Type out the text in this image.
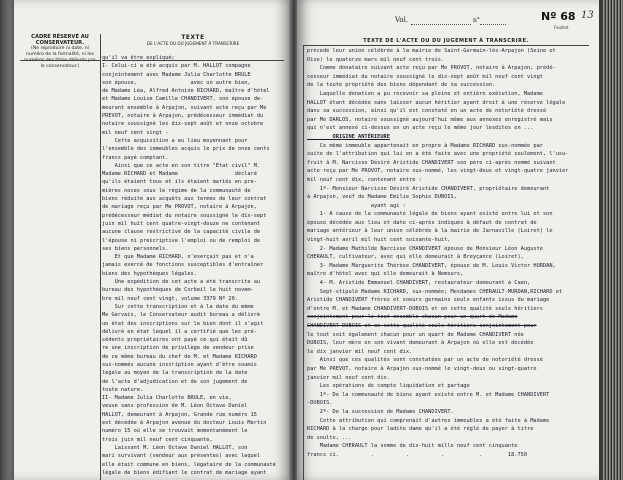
CADRE RÉSERVÉ AU CONSERVATEUR.
(Ne reproduire ni date, ni numéro de la formalité, ni les numéros des titres délivrés par le conservateur.)
TEXTE
DE L'ACTE OU DU JUGEMENT À TRANSCRIRE
qu'il va être expliqué;
I- Celui-ci a été acquis par M. HALLOT compagne
conjointement avec Madame Julia Charlotte BRULE
son épouse,                 avec un autre bien,
de Madame Léa, Alfred Antoine RICHARD, maître d'hôtel
et Madame Louise Camille CHANDIVERT, son épouse de-
meurant ensemble à Arpajon, suivant acte reçu par Me
PREVOT, notaire à Arpajon, prédécesseur immédiat du
notaire soussigné les dix-sept août et onze octobre
mil neuf cent vingt -
Cette acquisition a eu lieu moyennant pour
l'ensemble des immeubles acquis le prix de onze cents
francs payé comptant.
Ainsi que ce acte en son titre "Etat civil" M.
Madame RICHARD et Madame                  déclaré
qu'ils étaient tous et ils étaient mariés en pre-
mières noces sous le régime de la communauté de
biens réduite aux acquêts aux termes de leur contrat
de mariage reçu par Me PROVOT, notaire à Arpajon,
prédécesseur médiat du notaire soussigné le dix-sept
juin mil huit cent quatre-vingt-douze ne contenant
aucune clause restrictive de la capacité civile de
l'épouse ni prescriptive l'emploi ou de remploi de
ses biens personnels.
Et que Madame RICHARD, n'exerçait pas et n'a
jamais exercé de fonctions susceptibles d'entraîner
biens des hypothèques légales.
Une expédition de cet acte a été transcrite au
bureau des hypothèques de Corbeil le huit novem-
bre mil neuf cent vingt, volume 3379 Nº 20.
Sur cette transcription et à la date du même
Me Gervais, le Conservateur audit bureau a délivré
un état des inscriptions sur le bien dont il s'agit
délivré en état lequel il a certifié que les pré-
cédents propriétaires ont payé ce qui était dû
re une inscription de privilège de vendeur prise
de ce même bureau du chef de M. et Madame RICHARD
sus-nommés aucune inscription ayant d'être soumis
légale au moyen de la transcription de la date
de l'acte d'adjudication et de son jugement de
toute nature.
II- Madame Julia Charlotte BRULE, en vie,
veuve sans profession de M. Léon Octave Daniel
HALLOT, demeurant à Arpajon, Grande rue numéro 15
est décédée à Arpajon avenue du docteur Louis Martin
numéro 15 où elle se trouvait momentanément le
trois juin mil neuf cent cinquante,
Laissant M. Léon Octave Daniel HALLOT, son
mari survivant (vendeur aux présentes) avec lequel
elle était commune en biens, légataire de la communauté
légale de biens édifiant le contrat de mariage ayant
Vol.	n°	Nº 68 13
Feuillet
TEXTE DE L'ACTE OU DU JUGEMENT À TRANSCRIRE.
précédé leur union célébrée à la mairie de Saint-Germain-lès-Arpajon (Seine et
Oise) le quatorze mars mil neuf cent trois.
Comme donataire suivant acte reçu par Me PROVOT, notaire à Arpajon, prédé-
cesseur immédiat du notaire soussigné le dix-sept août mil neuf cent vingt
de la toute propriété des biens dépendant de sa succession.
Laquelle donation a pu recevoir sa pleine et entière exécution, Madame
HALLOT étant décédée sans laisser aucun héritier ayant droit à une réserve légale
dans sa succession, ainsi qu'il est constaté en un acte de notoriété dressé
par Me DARLOS, notaire soussigné aujourd'hui même aux annexes enregistré mais
qui n'est annexé ci-dessus en un acte reçu le même jour lesdites en ...
ORIGINE ANTÉRIEURE
Ce même immeuble appartenait en propre à Madame RICHARD sus-nommée par
suite de l'attribution qui lui en a été faite avec une propriété seulement, l'usu-
fruit à M. Narcisse Désiré Aristide CHANDIVERT son père ci-après nommé suivant
acte reçu par Me PROVOT, notaire sus-nommé, les vingt-deux et vingt-quatre janvier
mil neuf cent dix, contenant entre :
1º- Monsieur Narcisse Désiré Aristide CHANDIVERT, propriétaire demeurant
à Arpajon, veuf de Madame Emilie Sophie DUBOIS,
ayant agi :
1- A cause de la communauté légale de biens ayant existé entre lui et son
épouse décédée aux lieu et date ci-après indiqués à défaut de contrat de
mariage antérieur à leur union célébrée à la mairie de Jarnaville (Loiret) le
vingt-huit avril mil huit cent soixante-huit,
2- Madame Mathilde Narcisse CHANDIVERT épouse de Monsieur Léon Auguste
CHERAULT, cultivateur, avec qui elle demeurait à Breyçance (Loiret),
3- Madame Marguerite Thérèse CHANDIVERT, épouse de M. Louis Victor HURDAN,
maître d'hôtel avec qui elle demeurait à Nemours,
4- M. Aristide Emmanuel CHANDIVERT, restaurateur demeurant à Caen,
Sept-stipulé Madame RICHARD, sus-nommée; Mesdames CHERAULT-MURDAN,RICHARD et
Aristide CHANDIVERT frères et soeurs germains seuls enfants issus du mariage
d'entre M. et Madame CHANDIVERT-DUBOIS et en cette qualité seuls héritiers
conjointement pour le tout ensemble chacun pour un quart de Madame
CHANDIVERT-DUBOIS et en cette qualité seuls héritiers conjointement pour
le tout soit également chacun pour un quart de Madame CHANDIVERT née
DUBOIS, leur mère en son vivant demeurant à Arpajon où elle est décédée
le dix janvier mil neuf cent dix.
Ainsi que ces qualités sont constatées par un acte de notoriété dressé
par Me PREVOT, notaire à Arpajon sus-nommé le vingt-deux ou vingt-quatre
janvier mil neuf cent dix.
Les opérations de compte liquidation et partage
1º- De la communauté de biens ayant existé entre M. et Madame CHANDIVERT
-DUBOIS.
2º- De la succession de Madame CHANDIVERT.
Cette attribution qui comprenait d'autres immeubles a été faite à Madame
RICHARD à la charge pour ladite dame qu'il a été réglé de payer à titre
de soulte, ...
Madame CHERAULT la somme de dix-huit mille neuf cent cinquante
francs ci.          .          .          .           .        18.750
